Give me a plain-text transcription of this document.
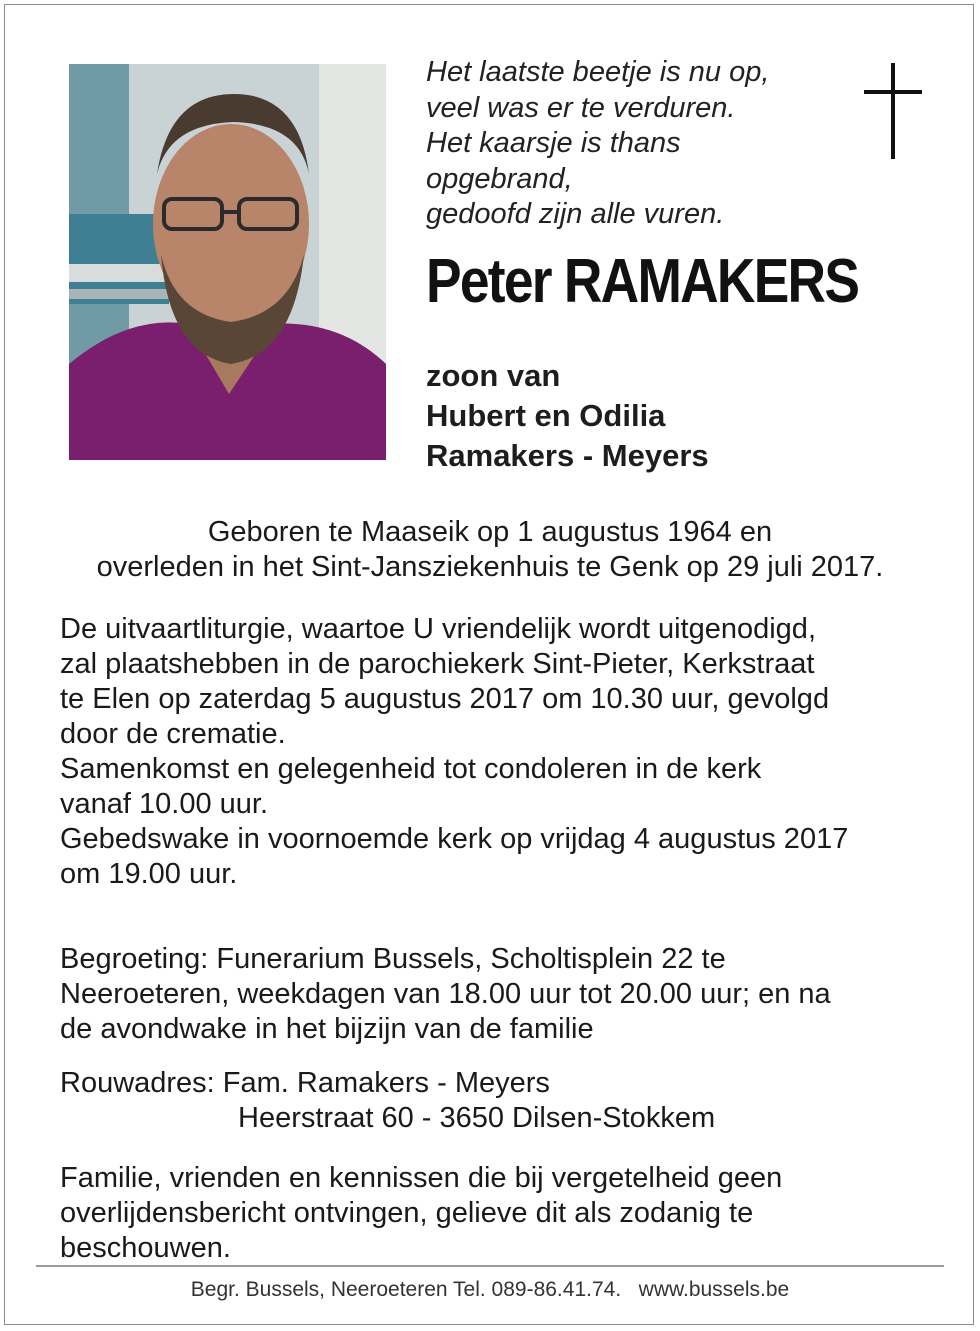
Het laatste beetje is nu op,
veel was er te verduren.
Het kaarsje is thans
opgebrand,
gedoofd zijn alle vuren.
Peter RAMAKERS
zoon van
Hubert en Odilia
Ramakers - Meyers
Geboren te Maaseik op 1 augustus 1964 en
overleden in het Sint-Jansziekenhuis te Genk op 29 juli 2017.
De uitvaartliturgie, waartoe U vriendelijk wordt uitgenodigd,
zal plaatshebben in de parochiekerk Sint-Pieter, Kerkstraat
te Elen op zaterdag 5 augustus 2017 om 10.30 uur, gevolgd
door de crematie.
Samenkomst en gelegenheid tot condoleren in de kerk
vanaf 10.00 uur.
Gebedswake in voornoemde kerk op vrijdag 4 augustus 2017
om 19.00 uur.
Begroeting: Funerarium Bussels, Scholtisplein 22 te
Neeroeteren, weekdagen van 18.00 uur tot 20.00 uur; en na
de avondwake in het bijzijn van de familie
Rouwadres: Fam. Ramakers - Meyers
Heerstraat 60 - 3650 Dilsen-Stokkem
Familie, vrienden en kennissen die bij vergetelheid geen
overlijdensbericht ontvingen, gelieve dit als zodanig te
beschouwen.
Begr. Bussels, Neeroeteren Tel. 089-86.41.74.   www.bussels.be
